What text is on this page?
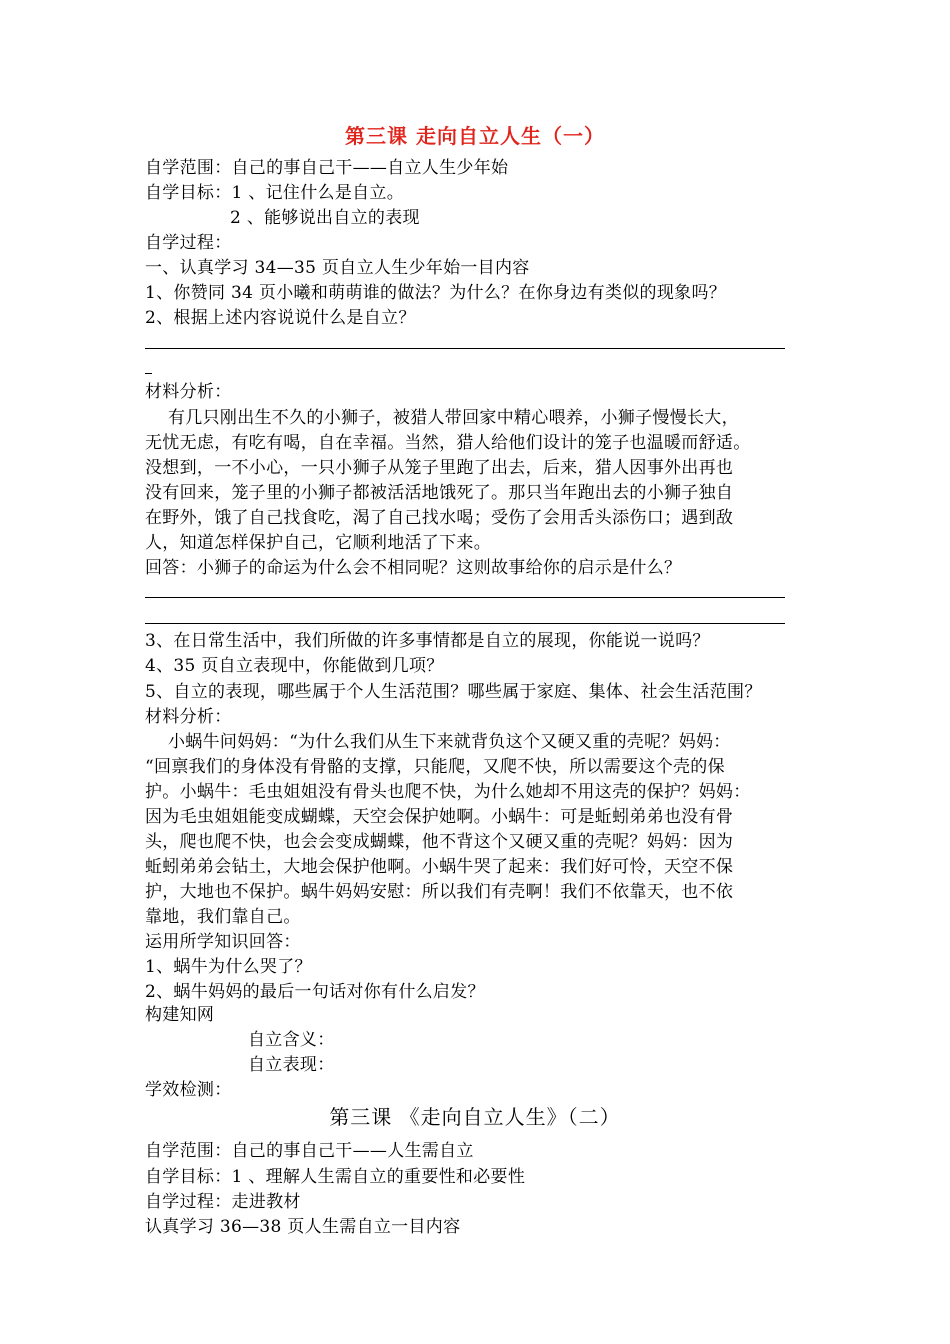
第三课 走向自立人生（一）
自学范围：自己的事自己干——自立人生少年始
自学目标：1 、记住什么是自立。
2 、能够说出自立的表现
自学过程：
一、认真学习 34—35 页自立人生少年始一目内容
1、你赞同 34 页小曦和萌萌谁的做法？为什么？在你身边有类似的现象吗？
2、根据上述内容说说什么是自立？
材料分析：
有几只刚出生不久的小狮子，被猎人带回家中精心喂养，小狮子慢慢长大，
无忧无虑，有吃有喝，自在幸福。当然，猎人给他们设计的笼子也温暖而舒适。
没想到，一不小心，一只小狮子从笼子里跑了出去，后来，猎人因事外出再也
没有回来，笼子里的小狮子都被活活地饿死了。那只当年跑出去的小狮子独自
在野外，饿了自己找食吃，渴了自己找水喝；受伤了会用舌头添伤口；遇到敌
人，知道怎样保护自己，它顺利地活了下来。
回答：小狮子的命运为什么会不相同呢？这则故事给你的启示是什么？
3、在日常生活中，我们所做的许多事情都是自立的展现，你能说一说吗？
4、35 页自立表现中，你能做到几项？
5、自立的表现，哪些属于个人生活范围？哪些属于家庭、集体、社会生活范围？
材料分析：
小蜗牛问妈妈：“为什么我们从生下来就背负这个又硬又重的壳呢？妈妈：
“回禀我们的身体没有骨骼的支撑，只能爬，又爬不快，所以需要这个壳的保
护。小蜗牛：毛虫姐姐没有骨头也爬不快，为什么她却不用这壳的保护？妈妈：
因为毛虫姐姐能变成蝴蝶，天空会保护她啊。小蜗牛：可是蚯蚓弟弟也没有骨
头，爬也爬不快，也会会变成蝴蝶，他不背这个又硬又重的壳呢？妈妈：因为
蚯蚓弟弟会钻土，大地会保护他啊。小蜗牛哭了起来：我们好可怜，天空不保
护，大地也不保护。蜗牛妈妈安慰：所以我们有壳啊！我们不依靠天，也不依
靠地，我们靠自己。
运用所学知识回答：
1、蜗牛为什么哭了？
2、蜗牛妈妈的最后一句话对你有什么启发？
构建知网
自立含义：
自立表现：
学效检测：
第三课 《走向自立人生》（二）
自学范围：自己的事自己干——人生需自立
自学目标：1 、理解人生需自立的重要性和必要性
自学过程：走进教材
认真学习 36—38 页人生需自立一目内容
